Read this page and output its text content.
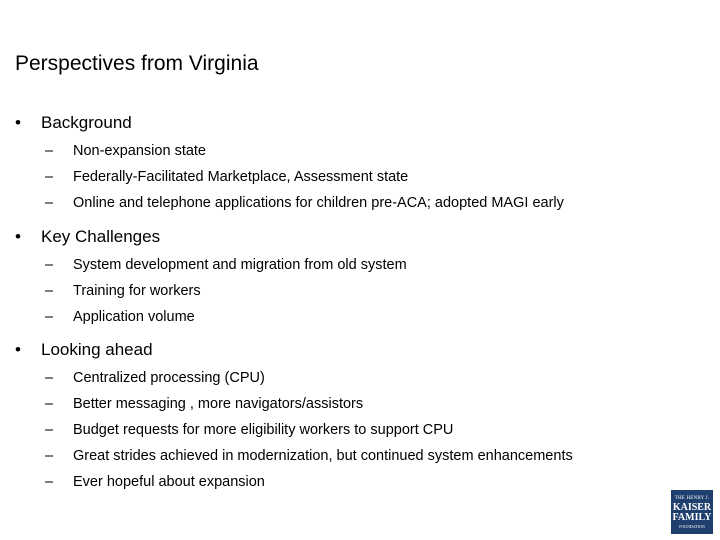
Perspectives from Virginia
•	Background
–	Non-expansion state
–	Federally-Facilitated Marketplace, Assessment state
–	Online and telephone applications for children pre-ACA; adopted MAGI early
•	Key Challenges
–	System development and migration from old system
–	Training for workers
–	Application volume
•	Looking ahead
–	Centralized processing (CPU)
–	Better messaging , more navigators/assistors
–	Budget requests for more eligibility workers to support CPU
–	Great strides achieved in modernization, but continued system enhancements
–	Ever hopeful about expansion
THE HENRY J.
KAISER
FAMILY
FOUNDATION
